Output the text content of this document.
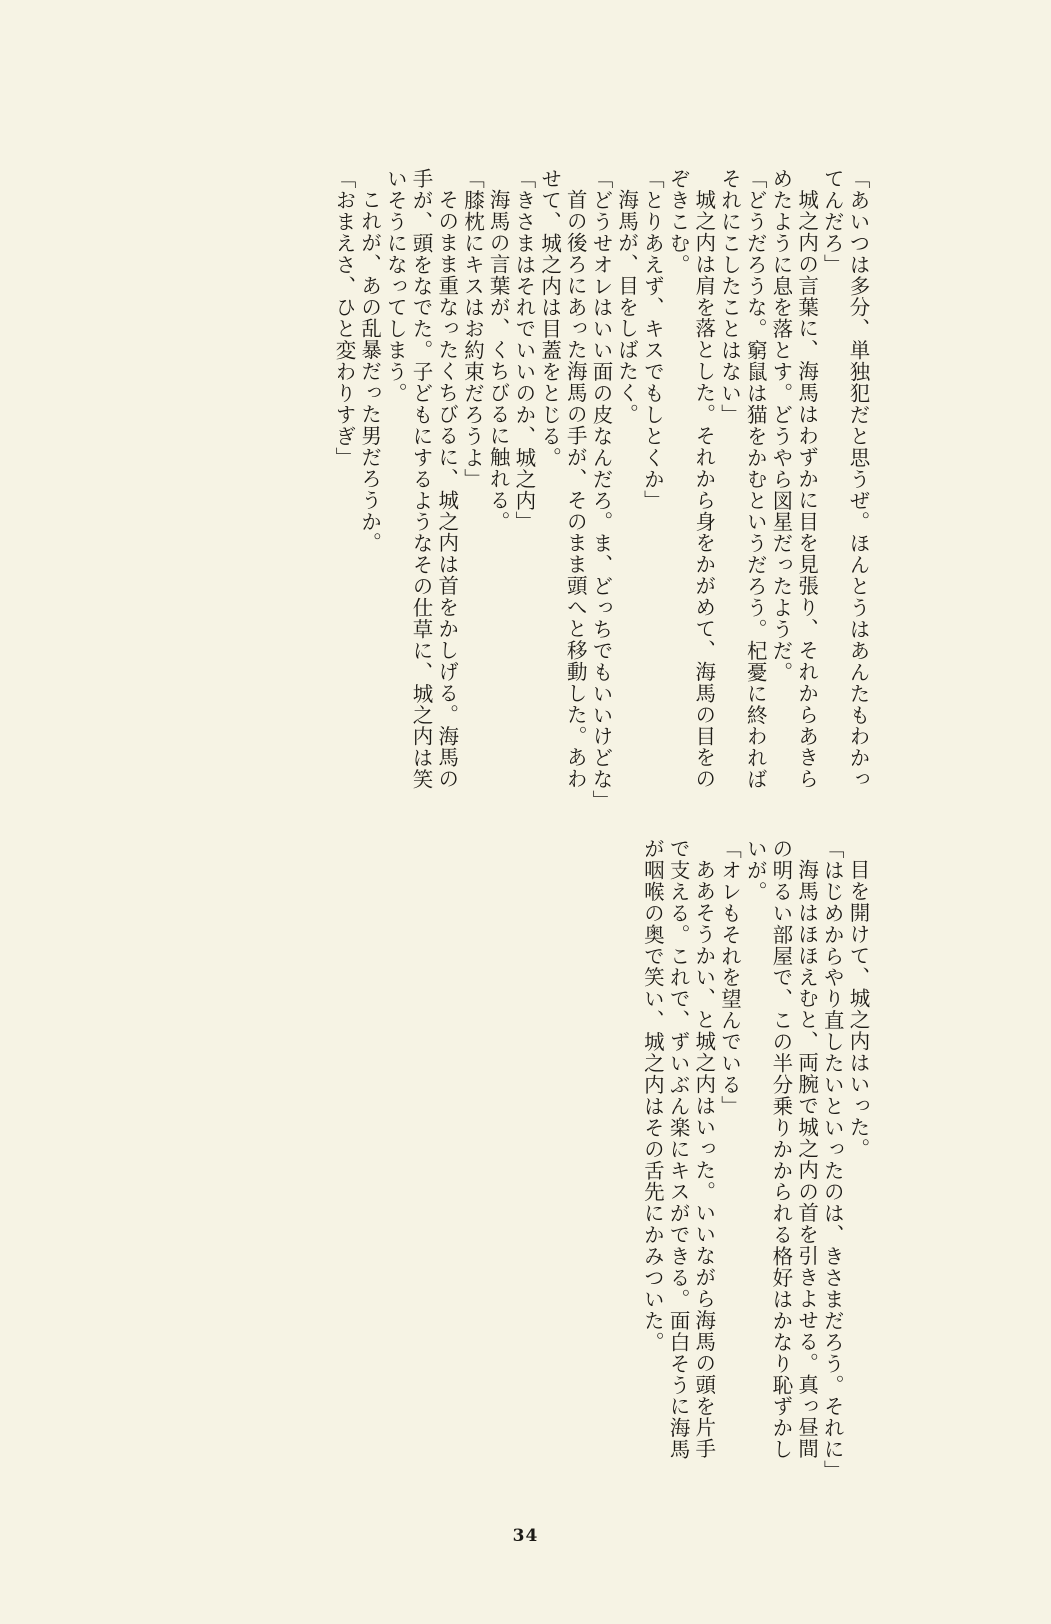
「あいつは多分、単独犯だと思うぜ。ほんとうはあんたもわかっ

てんだろ」

城之内の言葉に、海馬はわずかに目を見張り、それからあきら

めたように息を落とす。どうやら図星だったようだ。

「どうだろうな。窮鼠は猫をかむというだろう。杞憂に終われば

それにこしたことはない」

城之内は肩を落とした。それから身をかがめて、海馬の目をの

ぞきこむ。

「とりあえず、キスでもしとくか」

海馬が、目をしばたく。

「どうせオレはいい面の皮なんだろ。ま、どっちでもいいけどな」

首の後ろにあった海馬の手が、そのまま頭へと移動した。あわ

せて、城之内は目蓋をとじる。

「きさまはそれでいいのか、城之内」

海馬の言葉が、くちびるに触れる。

「膝枕にキスはお約束だろうよ」

そのまま重なったくちびるに、城之内は首をかしげる。海馬の

手が、頭をなでた。子どもにするようなその仕草に、城之内は笑

いそうになってしまう。

これが、あの乱暴だった男だろうか。

「おまえさ、ひと変わりすぎ」

目を開けて、城之内はいった。

「はじめからやり直したいといったのは、きさまだろう。それに」

海馬はほほえむと、両腕で城之内の首を引きよせる。真っ昼間

の明るい部屋で、この半分乗りかかられる格好はかなり恥ずかし

いが。

「オレもそれを望んでいる」

ああそうかい、と城之内はいった。いいながら海馬の頭を片手

で支える。これで、ずいぶん楽にキスができる。面白そうに海馬

が咽喉の奥で笑い、城之内はその舌先にかみついた。

34
